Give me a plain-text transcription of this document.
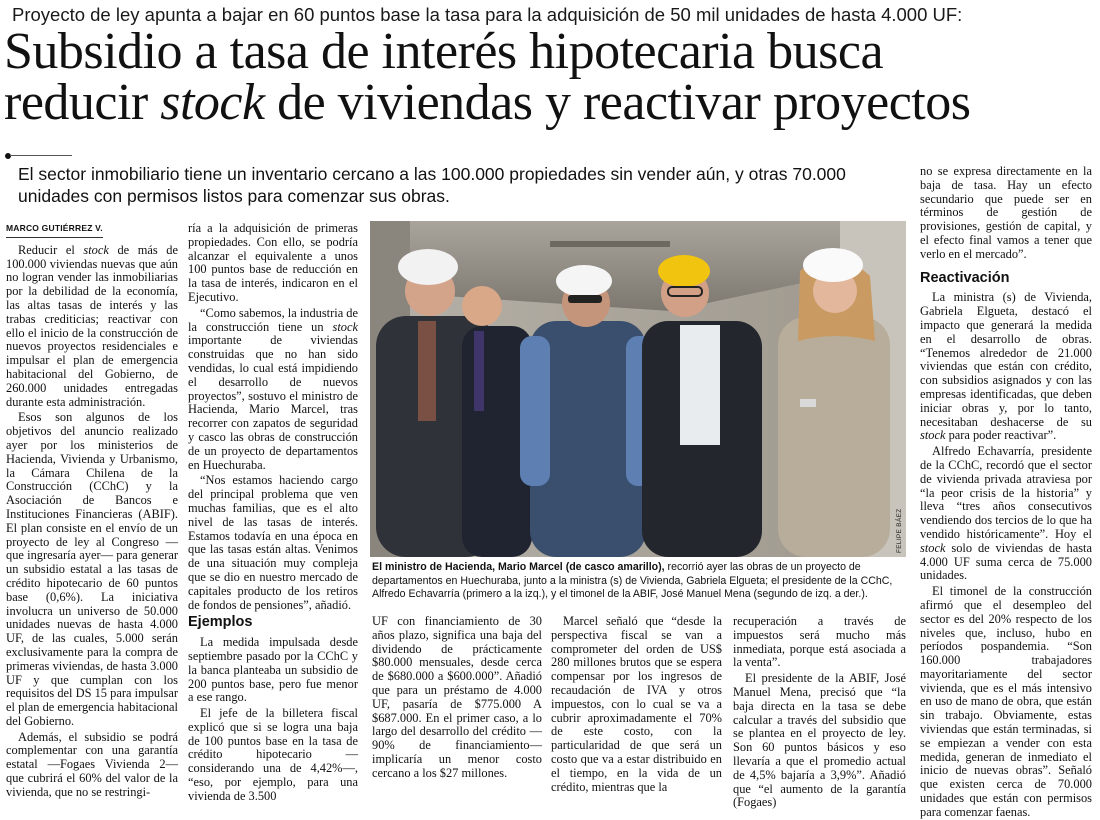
Proyecto de ley apunta a bajar en 60 puntos base la tasa para la adquisición de 50 mil unidades de hasta 4.000 UF:
Subsidio a tasa de interés hipotecaria busca
reducir stock de viviendas y reactivar proyectos
El sector inmobiliario tiene un inventario cercano a las 100.000 propiedades sin vender aún, y otras 70.000 unidades con permisos listos para comenzar sus obras.
MARCO GUTIÉRREZ V.

Reducir el stock de más de 100.000 viviendas nuevas que aún no logran vender las inmobiliarias por la debilidad de la economía, las altas tasas de interés y las trabas crediticias; reactivar con ello el inicio de la construcción de nuevos proyectos residenciales e impulsar el plan de emergencia habitacional del Gobierno, de 260.000 unidades entregadas durante esta administración.

Esos son algunos de los objetivos del anuncio realizado ayer por los ministerios de Hacienda, Vivienda y Urbanismo, la Cámara Chilena de la Construcción (CChC) y la Asociación de Bancos e Instituciones Financieras (ABIF). El plan consiste en el envío de un proyecto de ley al Congreso —que ingresaría ayer— para generar un subsidio estatal a las tasas de crédito hipotecario de 60 puntos base (0,6%). La iniciativa involucra un universo de 50.000 unidades nuevas de hasta 4.000 UF, de las cuales, 5.000 serán exclusivamente para la compra de primeras viviendas, de hasta 3.000 UF y que cumplan con los requisitos del DS 15 para impulsar el plan de emergencia habitacional del Gobierno.

Además, el subsidio se podrá complementar con una garantía estatal —Fogaes Vivienda 2— que cubrirá el 60% del valor de la vivienda, que no se restringi-

ría a la adquisición de primeras propiedades. Con ello, se podría alcanzar el equivalente a unos 100 puntos base de reducción en la tasa de interés, indicaron en el Ejecutivo.

“Como sabemos, la industria de la construcción tiene un stock importante de viviendas construidas que no han sido vendidas, lo cual está impidiendo el desarrollo de nuevos proyectos”, sostuvo el ministro de Hacienda, Mario Marcel, tras recorrer con zapatos de seguridad y casco las obras de construcción de un proyecto de departamentos en Huechuraba.

“Nos estamos haciendo cargo del principal problema que ven muchas familias, que es el alto nivel de las tasas de interés. Estamos todavía en una época en que las tasas están altas. Venimos de una situación muy compleja que se dio en nuestro mercado de capitales producto de los retiros de fondos de pensiones”, añadió.

Ejemplos

La medida impulsada desde septiembre pasado por la CChC y la banca planteaba un subsidio de 200 puntos base, pero fue menor a ese rango.

El jefe de la billetera fiscal explicó que si se logra una baja de 100 puntos base en la tasa de crédito hipotecario —considerando una de 4,42%—, “eso, por ejemplo, para una vivienda de 3.500

FELIPE BÁEZ
El ministro de Hacienda, Mario Marcel (de casco amarillo), recorrió ayer las obras de un proyecto de departamentos en Huechuraba, junto a la ministra (s) de Vivienda, Gabriela Elgueta; el presidente de la CChC, Alfredo Echavarría (primero a la izq.), y el timonel de la ABIF, José Manuel Mena (segundo de izq. a der.).

UF con financiamiento de 30 años plazo, significa una baja del dividendo de prácticamente $80.000 mensuales, desde cerca de $680.000 a $600.000”. Añadió que para un préstamo de 4.000 UF, pasaría de $775.000 A $687.000. En el primer caso, a lo largo del desarrollo del crédito —90% de financiamiento— implicaría un menor costo cercano a los $27 millones.

Marcel señaló que “desde la perspectiva fiscal se van a comprometer del orden de US$ 280 millones brutos que se espera compensar por los ingresos de recaudación de IVA y otros impuestos, con lo cual se va a cubrir aproximadamente el 70% de este costo, con la particularidad de que será un costo que va a estar distribuido en el tiempo, en la vida de un crédito, mientras que la

recuperación a través de impuestos será mucho más inmediata, porque está asociada a la venta”.

El presidente de la ABIF, José Manuel Mena, precisó que “la baja directa en la tasa se debe calcular a través del subsidio que se plantea en el proyecto de ley. Son 60 puntos básicos y eso llevaría a que el promedio actual de 4,5% bajaría a 3,9%”. Añadió que “el aumento de la garantía (Fogaes)

no se expresa directamente en la baja de tasa. Hay un efecto secundario que puede ser en términos de gestión de provisiones, gestión de capital, y el efecto final vamos a tener que verlo en el mercado”.

Reactivación

La ministra (s) de Vivienda, Gabriela Elgueta, destacó el impacto que generará la medida en el desarrollo de obras. “Tenemos alrededor de 21.000 viviendas que están con crédito, con subsidios asignados y con las empresas identificadas, que deben iniciar obras y, por lo tanto, necesitaban deshacerse de su stock para poder reactivar”.

Alfredo Echavarría, presidente de la CChC, recordó que el sector de vivienda privada atraviesa por “la peor crisis de la historia” y lleva “tres años consecutivos vendiendo dos tercios de lo que ha vendido históricamente”. Hoy el stock solo de viviendas de hasta 4.000 UF suma cerca de 75.000 unidades.

El timonel de la construcción afirmó que el desempleo del sector es del 20% respecto de los niveles que, incluso, hubo en períodos pospandemia. “Son 160.000 trabajadores mayoritariamente del sector vivienda, que es el más intensivo en uso de mano de obra, que están sin trabajo. Obviamente, estas viviendas que están terminadas, si se empiezan a vender con esta medida, generan de inmediato el inicio de nuevas obras”. Señaló que existen cerca de 70.000 unidades que están con permisos para comenzar faenas.
